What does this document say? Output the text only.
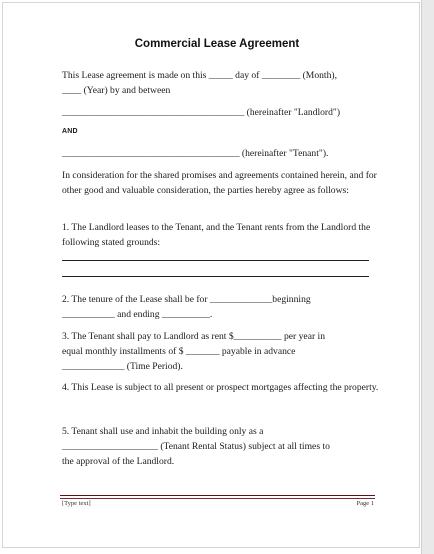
Commercial Lease Agreement
This Lease agreement is made on this _____ day of ________ (Month),
____ (Year) by and between
______________________________________ (hereinafter "Landlord")
AND
_____________________________________ (hereinafter "Tenant").
In consideration for the shared promises and agreements contained herein, and for other good and valuable consideration, the parties hereby agree as follows:
1. The Landlord leases to the Tenant, and the Tenant rents from the Landlord the following stated grounds:
2. The tenure of the Lease shall be for _____________beginning
___________ and ending __________.
3. The Tenant shall pay to Landlord as rent $__________ per year in
equal monthly installments of $ _______ payable in advance
_____________ (Time Period).
4. This Lease is subject to all present or prospect mortgages affecting the property.
5. Tenant shall use and inhabit the building only as a
____________________ (Tenant Rental Status) subject at all times to
the approval of the Landlord.
[Type text]	Page 1
